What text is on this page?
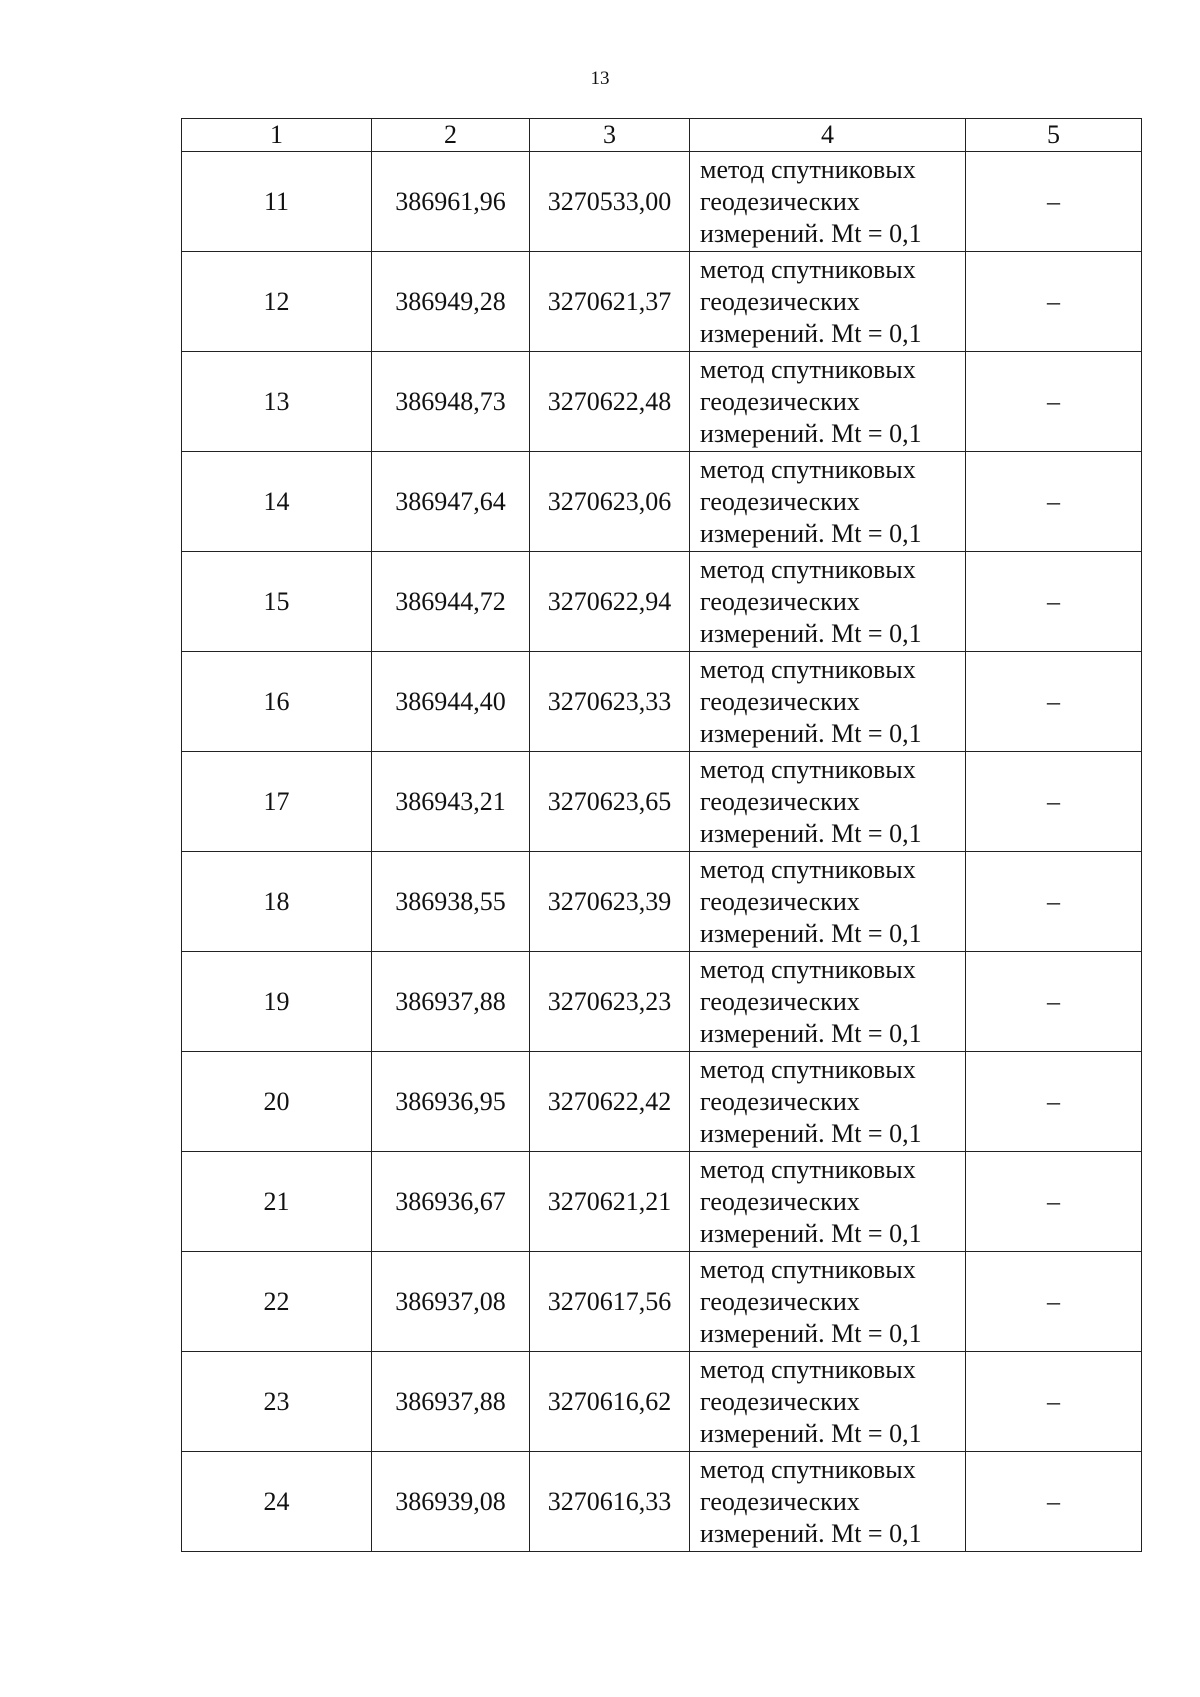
13
1	2	3	4	5
11	386961,96	3270533,00	метод спутниковых
геодезических
измерений. Mt = 0,1	–
12	386949,28	3270621,37	метод спутниковых
геодезических
измерений. Mt = 0,1	–
13	386948,73	3270622,48	метод спутниковых
геодезических
измерений. Mt = 0,1	–
14	386947,64	3270623,06	метод спутниковых
геодезических
измерений. Mt = 0,1	–
15	386944,72	3270622,94	метод спутниковых
геодезических
измерений. Mt = 0,1	–
16	386944,40	3270623,33	метод спутниковых
геодезических
измерений. Mt = 0,1	–
17	386943,21	3270623,65	метод спутниковых
геодезических
измерений. Mt = 0,1	–
18	386938,55	3270623,39	метод спутниковых
геодезических
измерений. Mt = 0,1	–
19	386937,88	3270623,23	метод спутниковых
геодезических
измерений. Mt = 0,1	–
20	386936,95	3270622,42	метод спутниковых
геодезических
измерений. Mt = 0,1	–
21	386936,67	3270621,21	метод спутниковых
геодезических
измерений. Mt = 0,1	–
22	386937,08	3270617,56	метод спутниковых
геодезических
измерений. Mt = 0,1	–
23	386937,88	3270616,62	метод спутниковых
геодезических
измерений. Mt = 0,1	–
24	386939,08	3270616,33	метод спутниковых
геодезических
измерений. Mt = 0,1	–
